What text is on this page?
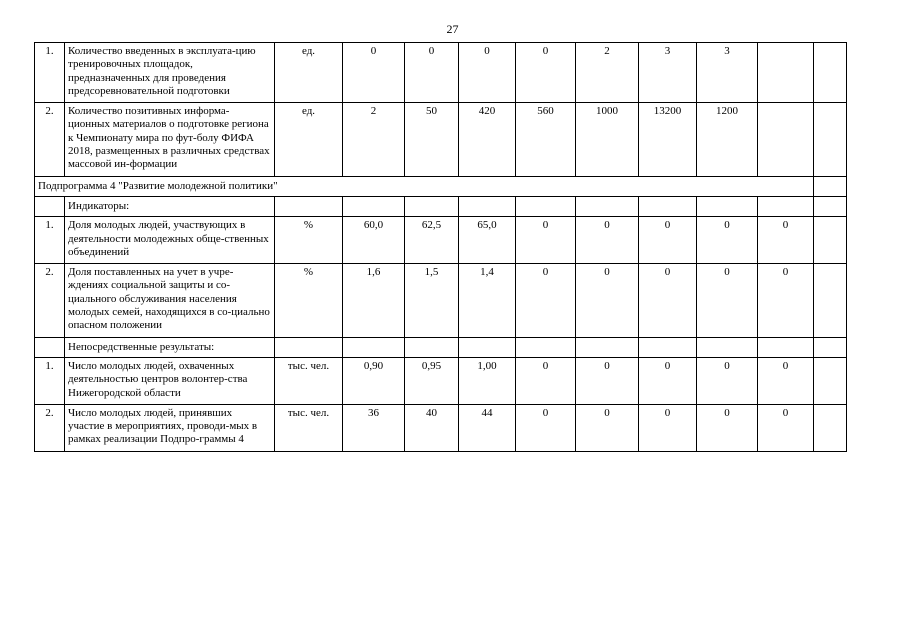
27
1.	Количество введенных в эксплуата-цию тренировочных площадок, предназначенных для проведения предсоревновательной подготовки	ед.	0	0	0	0	2	3	3		
2.	Количество позитивных информа-ционных материалов о подготовке региона к Чемпионату мира по фут-болу ФИФА 2018, размещенных в различных средствах массовой ин-формации	ед.	2	50	420	560	1000	13200	1200		
Подпрограмма 4 "Развитие молодежной политики"											
	Индикаторы:										
1.	Доля молодых людей, участвующих в деятельности молодежных обще-ственных объединений	%	60,0	62,5	65,0	0	0	0	0	0	
2.	Доля поставленных на учет в учре-ждениях социальной защиты и со-циального обслуживания населения молодых семей, находящихся в со-циально опасном положении	%	1,6	1,5	1,4	0	0	0	0	0	
	Непосредственные результаты:										
1.	Число молодых людей, охваченных деятельностью центров волонтер-ства Нижегородской области	тыс. чел.	0,90	0,95	1,00	0	0	0	0	0	
2.	Число молодых людей, принявших участие в мероприятиях, проводи-мых в рамках реализации Подпро-граммы 4	тыс. чел.	36	40	44	0	0	0	0	0	
